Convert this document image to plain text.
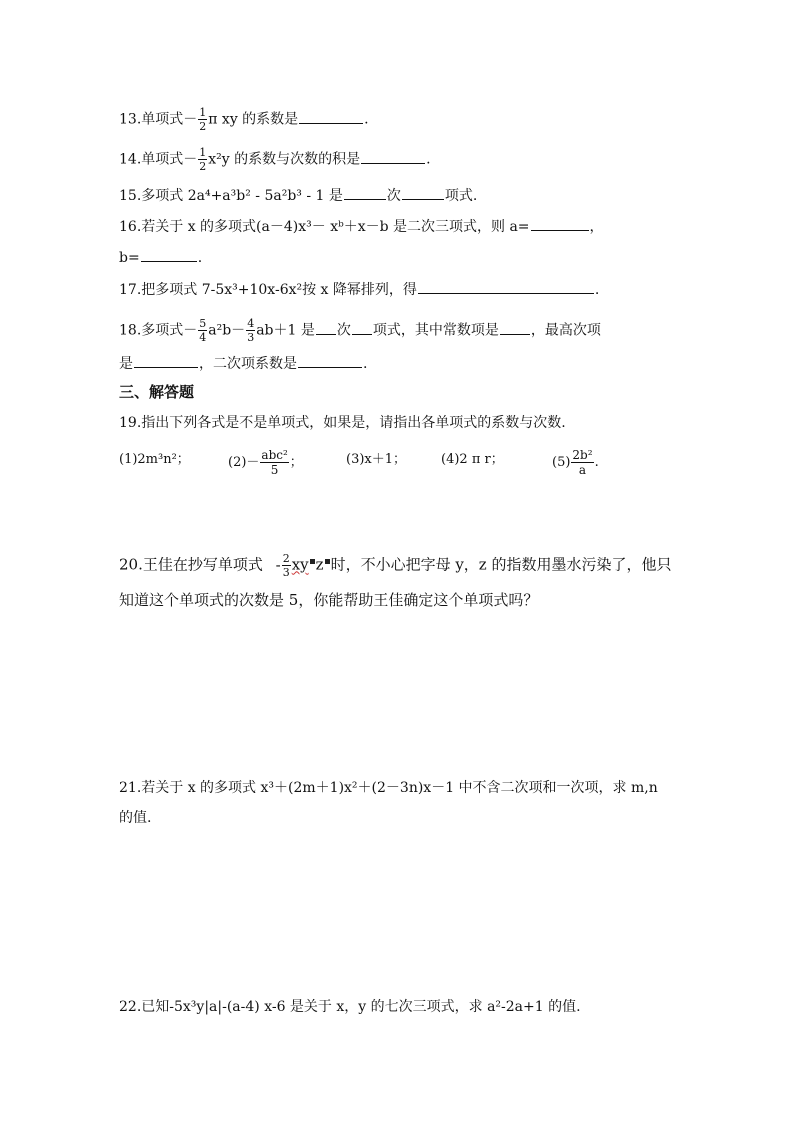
13.单项式－ $\frac{1}{2}$ π xy 的系数是	.
14.单项式－ $\frac{1}{2} x^2y$ 的系数与次数的积是	.
15.多项式 2a⁴+a³b² - 5a²b³ - 1 是	次	项式.
16.若关于 x 的多项式(a－4)x³－ xᵇ＋x－b 是二次三项式，则 a=	，
b=	.
17.把多项式 7-5x³+10x-6x²按 x 降幂排列，得	.
18.多项式－ $\frac{5}{4} a^2b- \frac{4}{3} ab+1$ 是 次 项式，其中常数项是 ，最高次项
是	，二次项系数是	.
三、解答题
19.指出下列各式是不是单项式，如果是，请指出各单项式的系数与次数.
(1)2m³n²；	$(2)- \frac{\text{abc²}}{5}$ ；	(3)x＋1；	(4)2 π r；	$(5) \frac{\text{2b²}}{a}$ .
20.王佳在抄写单项式 - $\frac{2}{3}$ xy z 时，不小心把字母 y，z 的指数用墨水污染了，他只
知道这个单项式的次数是 5，你能帮助王佳确定这个单项式吗？
21.若关于 x 的多项式 x³＋(2m＋1)x²＋(2－3n)x－1 中不含二次项和一次项，求 m,n
的值.
22.已知-5x³y|a|-(a-4) x-6 是关于 x，y 的七次三项式，求 a²-2a+1 的值.
